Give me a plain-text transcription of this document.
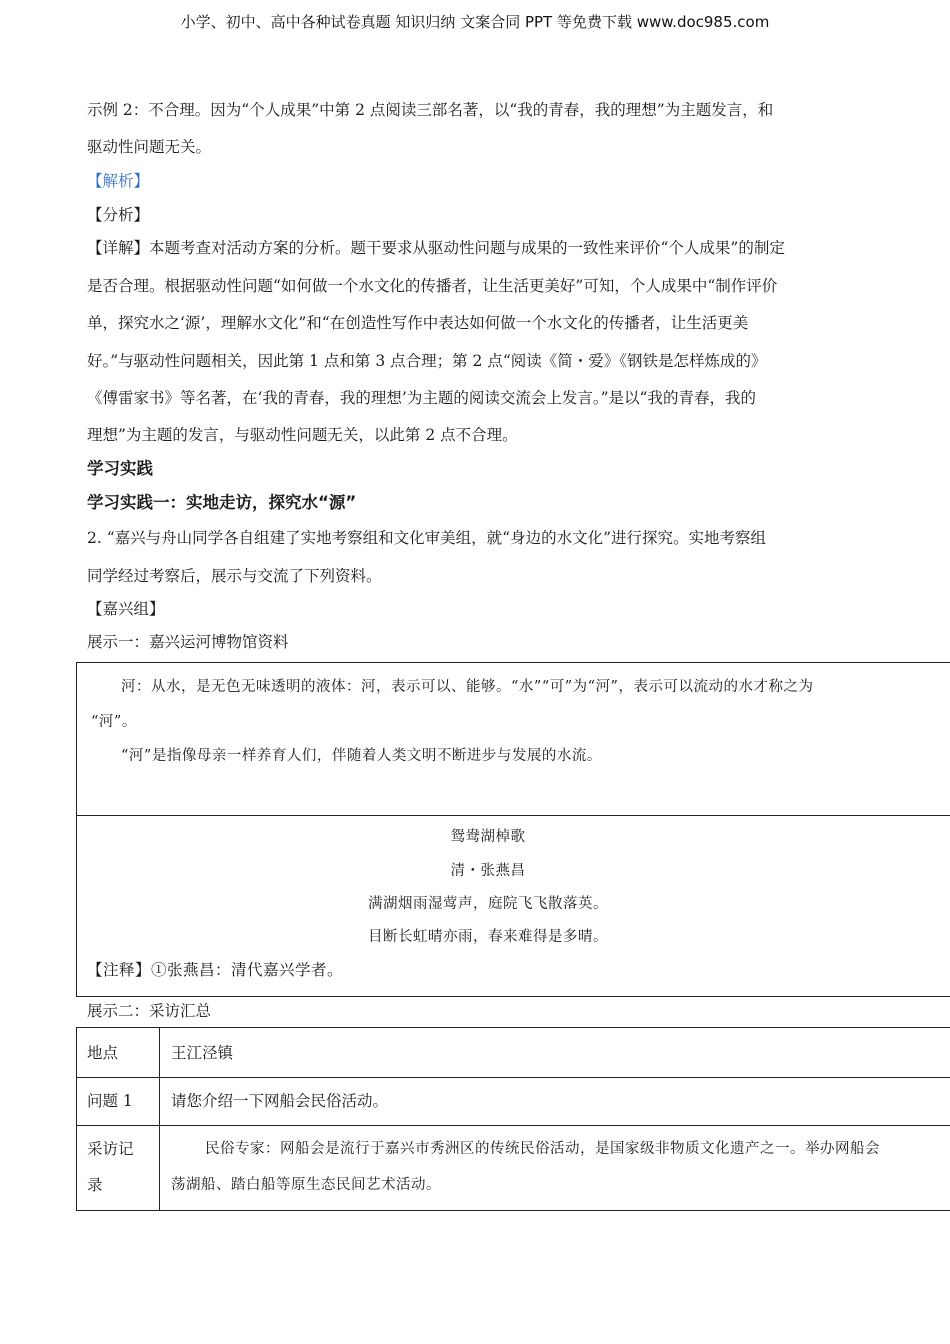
小学、初中、高中各种试卷真题 知识归纳 文案合同 PPT 等免费下载 www.doc985.com
示例 2：不合理。因为“个人成果”中第 2 点阅读三部名著，以“我的青春，我的理想”为主题发言，和
驱动性问题无关。
【解析】
【分析】
【详解】本题考查对活动方案的分析。题干要求从驱动性问题与成果的一致性来评价“个人成果”的制定
是否合理。根据驱动性问题“如何做一个水文化的传播者，让生活更美好”可知，个人成果中“制作评价
单，探究水之‘源’，理解水文化”和“在创造性写作中表达如何做一个水文化的传播者，让生活更美
好。”与驱动性问题相关，因此第 1 点和第 3 点合理；第 2 点“阅读《简・爱》《钢铁是怎样炼成的》
《傅雷家书》等名著，在‘我的青春，我的理想’为主题的阅读交流会上发言。”是以“我的青春，我的
理想”为主题的发言，与驱动性问题无关，以此第 2 点不合理。
学习实践
学习实践一：实地走访，探究水“源”
2. “嘉兴与舟山同学各自组建了实地考察组和文化审美组，就“身边的水文化”进行探究。实地考察组
同学经过考察后，展示与交流了下列资料。
【嘉兴组】
展示一：嘉兴运河博物馆资料
河：从水，是无色无味透明的液体：河，表示可以、能够。“水”“可”为“河”，表示可以流动的水才称之为
“河”。
“河”是指像母亲一样养育人们，伴随着人类文明不断进步与发展的水流。
鸳鸯湖棹歌
清・张燕昌
满湖烟雨湿莺声，庭院飞飞散落英。
目断长虹晴亦雨，春来难得是多晴。
【注释】①张燕昌：清代嘉兴学者。
展示二：采访汇总
地点	王江泾镇
问题 1 请您介绍一下网船会民俗活动。
采访记
录
民俗专家：网船会是流行于嘉兴市秀洲区的传统民俗活动，是国家级非物质文化遗产之一。举办网船会
荡湖船、踏白船等原生态民间艺术活动。
